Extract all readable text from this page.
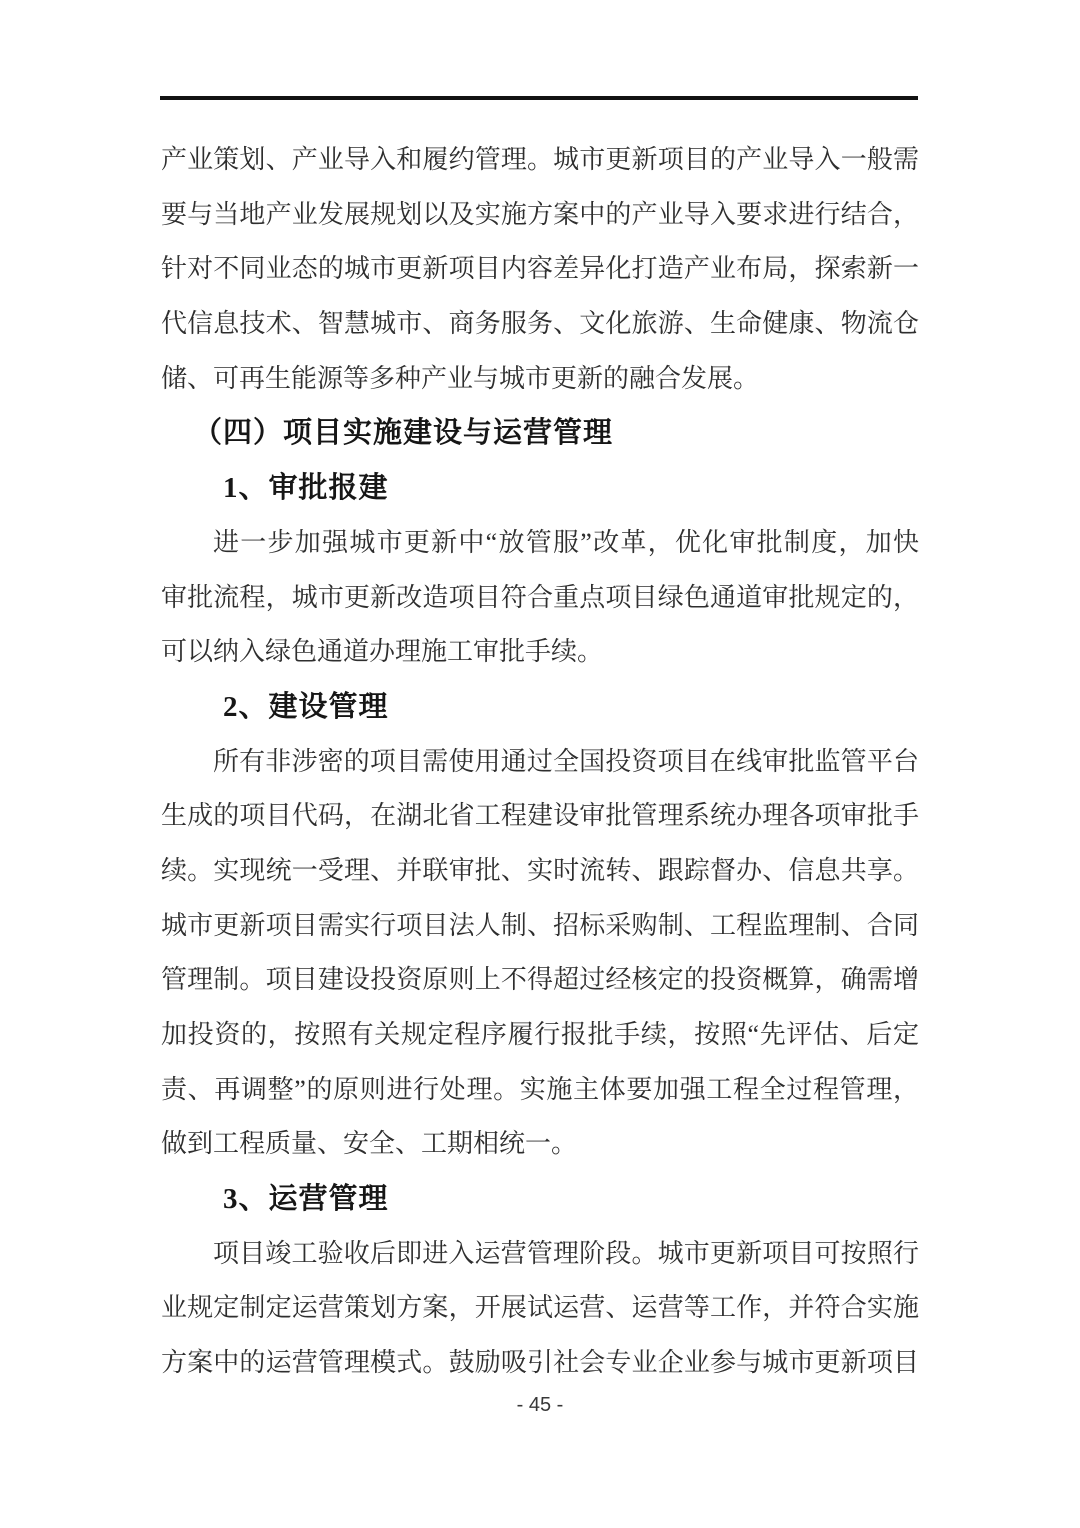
产业策划、产业导入和履约管理。城市更新项目的产业导入一般需
要与当地产业发展规划以及实施方案中的产业导入要求进行结合，
针对不同业态的城市更新项目内容差异化打造产业布局，探索新一
代信息技术、智慧城市、商务服务、文化旅游、生命健康、物流仓
储、可再生能源等多种产业与城市更新的融合发展。
（四）项目实施建设与运营管理
1、审批报建
进一步加强城市更新中“放管服”改革，优化审批制度，加快
审批流程，城市更新改造项目符合重点项目绿色通道审批规定的，
可以纳入绿色通道办理施工审批手续。
2、建设管理
所有非涉密的项目需使用通过全国投资项目在线审批监管平台
生成的项目代码，在湖北省工程建设审批管理系统办理各项审批手
续。实现统一受理、并联审批、实时流转、跟踪督办、信息共享。
城市更新项目需实行项目法人制、招标采购制、工程监理制、合同
管理制。项目建设投资原则上不得超过经核定的投资概算，确需增
加投资的，按照有关规定程序履行报批手续，按照“先评估、后定
责、再调整”的原则进行处理。实施主体要加强工程全过程管理，
做到工程质量、安全、工期相统一。
3、运营管理
项目竣工验收后即进入运营管理阶段。城市更新项目可按照行
业规定制定运营策划方案，开展试运营、运营等工作，并符合实施
方案中的运营管理模式。鼓励吸引社会专业企业参与城市更新项目
- 45 -
